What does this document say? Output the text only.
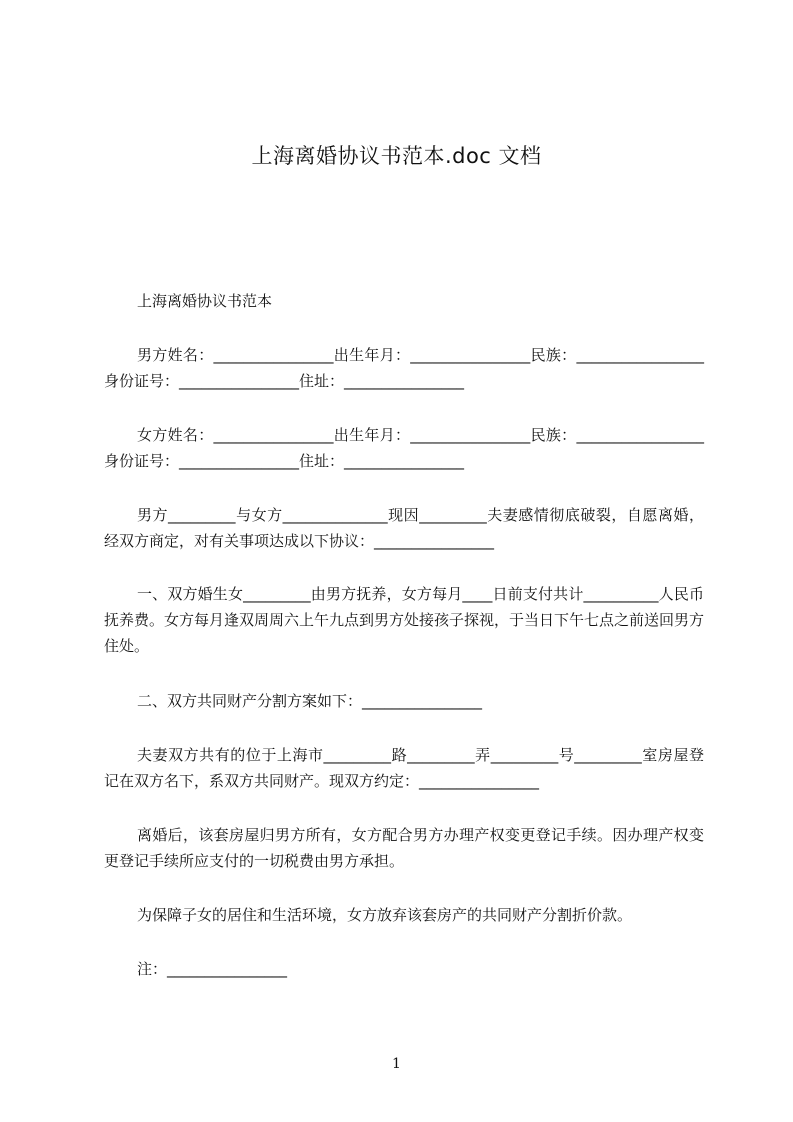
上海离婚协议书范本.doc 文档
上海离婚协议书范本
男方姓名：________________出生年月：________________民族：_________________身份证号：________________住址：________________
女方姓名：________________出生年月：________________民族：_________________身份证号：________________住址：________________
男方_________与女方______________现因_________夫妻感情彻底破裂，自愿离婚，经双方商定，对有关事项达成以下协议：________________
一、双方婚生女_________由男方抚养，女方每月____日前支付共计__________人民币抚养费。女方每月逢双周周六上午九点到男方处接孩子探视，于当日下午七点之前送回男方住处。
二、双方共同财产分割方案如下：________________
夫妻双方共有的位于上海市_________路_________弄_________号_________室房屋登记在双方名下，系双方共同财产。现双方约定：________________
离婚后，该套房屋归男方所有，女方配合男方办理产权变更登记手续。因办理产权变更登记手续所应支付的一切税费由男方承担。
为保障子女的居住和生活环境，女方放弃该套房产的共同财产分割折价款。
注：________________
1
